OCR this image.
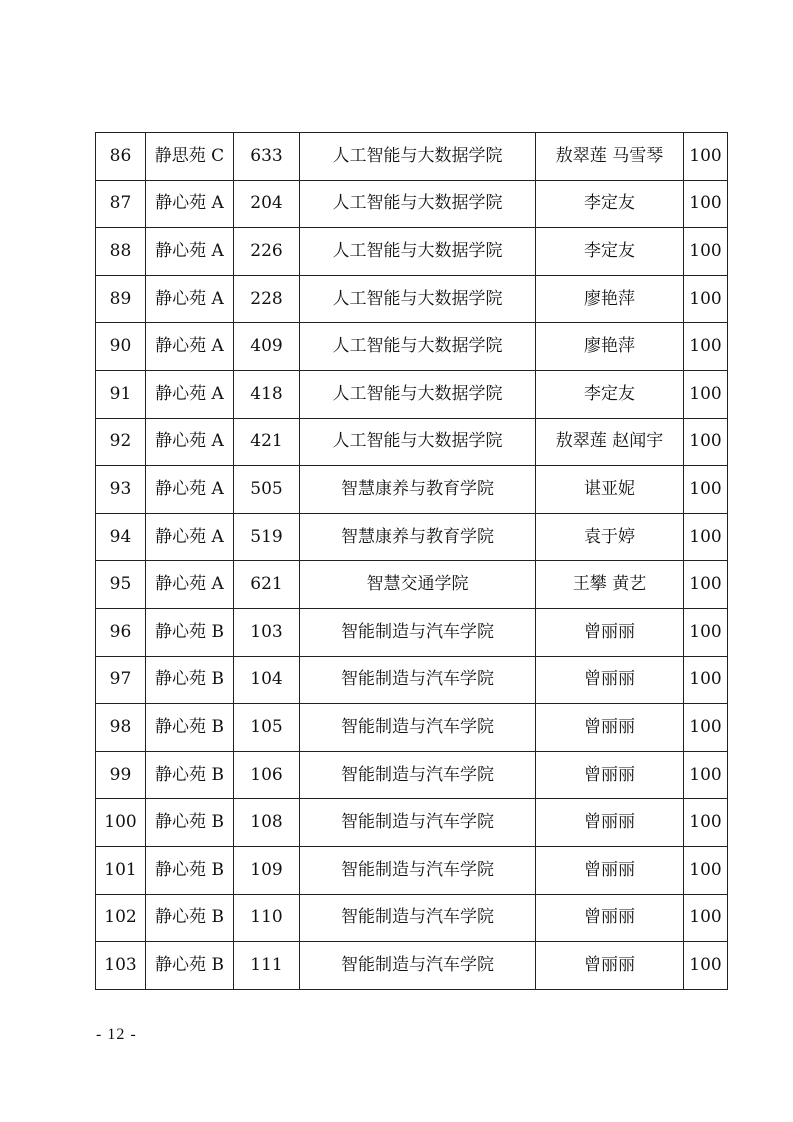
86	静思苑 C	633	人工智能与大数据学院	敖翠莲 马雪琴	100
87	静心苑 A	204	人工智能与大数据学院	李定友	100
88	静心苑 A	226	人工智能与大数据学院	李定友	100
89	静心苑 A	228	人工智能与大数据学院	廖艳萍	100
90	静心苑 A	409	人工智能与大数据学院	廖艳萍	100
91	静心苑 A	418	人工智能与大数据学院	李定友	100
92	静心苑 A	421	人工智能与大数据学院	敖翠莲 赵闻宇	100
93	静心苑 A	505	智慧康养与教育学院	谌亚妮	100
94	静心苑 A	519	智慧康养与教育学院	袁于婷	100
95	静心苑 A	621	智慧交通学院	王攀 黄艺	100
96	静心苑 B	103	智能制造与汽车学院	曾丽丽	100
97	静心苑 B	104	智能制造与汽车学院	曾丽丽	100
98	静心苑 B	105	智能制造与汽车学院	曾丽丽	100
99	静心苑 B	106	智能制造与汽车学院	曾丽丽	100
100	静心苑 B	108	智能制造与汽车学院	曾丽丽	100
101	静心苑 B	109	智能制造与汽车学院	曾丽丽	100
102	静心苑 B	110	智能制造与汽车学院	曾丽丽	100
103	静心苑 B	111	智能制造与汽车学院	曾丽丽	100
- 12 -
